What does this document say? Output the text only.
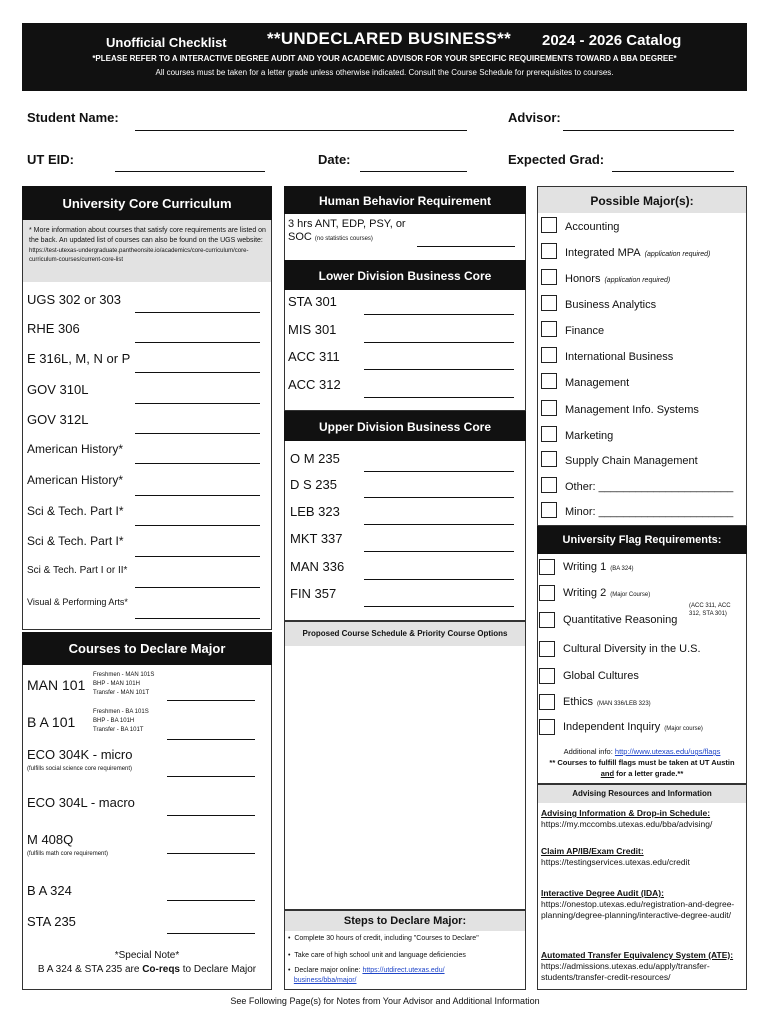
Unofficial Checklist **UNDECLARED BUSINESS** 2024 - 2026 Catalog
*PLEASE REFER TO A INTERACTIVE DEGREE AUDIT AND YOUR ACADEMIC ADVISOR FOR YOUR SPECIFIC REQUIREMENTS TOWARD A BBA DEGREE*
All courses must be taken for a letter grade unless otherwise indicated. Consult the Course Schedule for prerequisites to courses.
Student Name:	Advisor:
UT EID:	Date:	Expected Grad:
University Core Curriculum
* More information about courses that satisfy core requirements are listed on the back. An updated list of courses can also be found on the UGS website:
https://test-utexas-undergraduate.pantheonsite.io/academics/core-curriculum/core-curriculum-courses/current-core-list
Courses to Declare Major
MAN 101
Freshmen - MAN 101S
BHP - MAN 101H
Transfer - MAN 101T
B A 101
Freshmen - BA 101S
BHP - BA 101H
Transfer - BA 101T
ECO 304K - micro
(fulfills social science core requirement)
ECO 304L - macro
M 408Q
(fulfills math core requirement)
B A 324
STA 235
*Special Note*
B A 324 & STA 235 are Co-reqs to Declare Major
Human Behavior Requirement
3 hrs ANT, EDP, PSY, or
SOC (no statistics courses)
Lower Division Business Core
Upper Division Business Core
Proposed Course Schedule & Priority Course Options
Steps to Declare Major:
•  Complete 30 hours of credit, including "Courses to Declare"
•  Take care of high school unit and language deficiencies
•  Declare major online: https://utdirect.utexas.edu/
business/bba/major/
Possible Major(s):
University Flag Requirements:
Additional info: http://www.utexas.edu/ugs/flags
** Courses to fulfill flags must be taken at UT Austin
and for a letter grade.**
Advising Resources and Information
See Following Page(s) for Notes from Your Advisor and Additional Information
UGS 302 or 303
RHE 306
E 316L, M, N or P
GOV 310L
GOV 312L
American History*
American History*
Sci & Tech. Part I*
Sci & Tech. Part I*
Sci & Tech. Part I or II*
Visual & Performing Arts*
STA 301
MIS 301
ACC 311
ACC 312
O M 235
D S 235
LEB 323
MKT 337
MAN 336
FIN 357
Accounting
Integrated MPA (application required)
Honors (application required)
Business Analytics
Finance
International Business
Management
Management Info. Systems
Marketing
Supply Chain Management
Other: ______________________
Minor: ______________________
Writing 1 (BA 324)
Writing 2 (Major Course)
Quantitative Reasoning
(ACC 311, ACC 312, STA 301)
Cultural Diversity in the U.S.
Global Cultures
Ethics (MAN 336/LEB 323)
Independent Inquiry (Major course)
Advising Information & Drop-in Schedule:
https://my.mccombs.utexas.edu/bba/advising/
Claim AP/IB/Exam Credit:
https://testingservices.utexas.edu/credit
Interactive Degree Audit (IDA):
https://onestop.utexas.edu/registration-and-degree-planning/degree-planning/interactive-degree-audit/
Automated Transfer Equivalency System (ATE):
https://admissions.utexas.edu/apply/transfer-students/transfer-credit-resources/
